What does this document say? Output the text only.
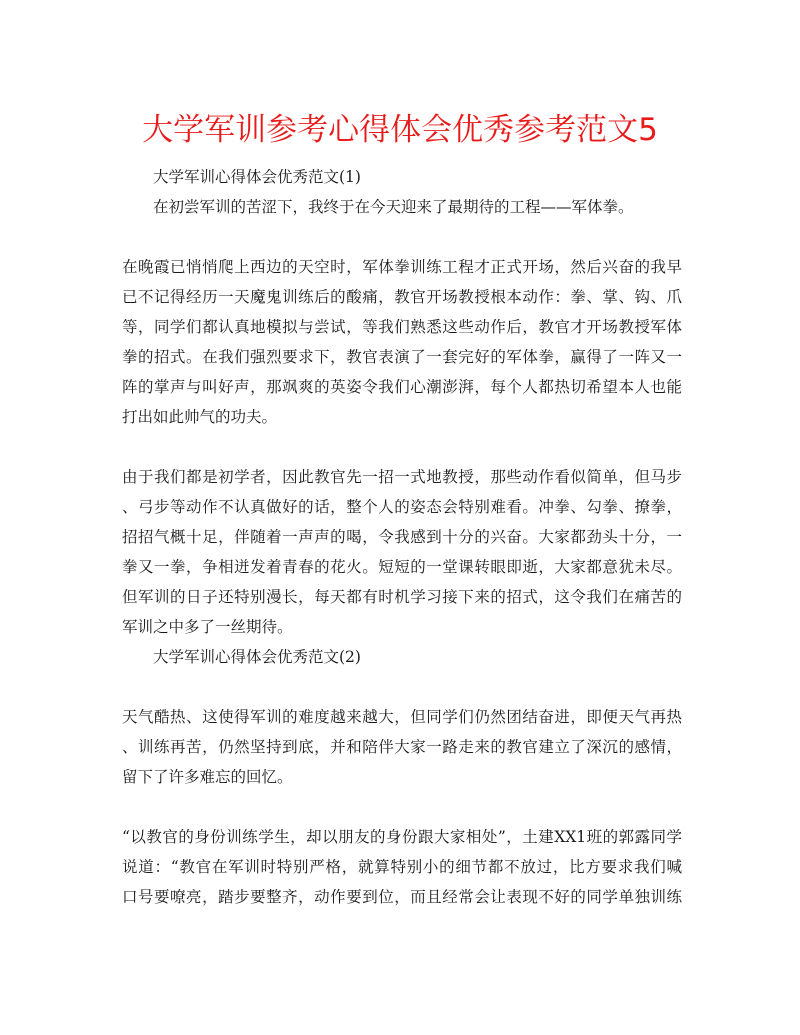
大学军训参考心得体会优秀参考范文5
大学军训心得体会优秀范文(1)
在初尝军训的苦涩下，我终于在今天迎来了最期待的工程——军体拳。
在晚霞已悄悄爬上西边的天空时，军体拳训练工程才正式开场，然后兴奋的我早
已不记得经历一天魔鬼训练后的酸痛，教官开场教授根本动作：拳、掌、钩、爪
等，同学们都认真地模拟与尝试，等我们熟悉这些动作后，教官才开场教授军体
拳的招式。在我们强烈要求下，教官表演了一套完好的军体拳，赢得了一阵又一
阵的掌声与叫好声，那飒爽的英姿令我们心潮澎湃，每个人都热切希望本人也能
打出如此帅气的功夫。
由于我们都是初学者，因此教官先一招一式地教授，那些动作看似简单，但马步
、弓步等动作不认真做好的话，整个人的姿态会特别难看。冲拳、勾拳、撩拳，
招招气概十足，伴随着一声声的喝，令我感到十分的兴奋。大家都劲头十分，一
拳又一拳，争相迸发着青春的花火。短短的一堂课转眼即逝，大家都意犹未尽。
但军训的日子还特别漫长，每天都有时机学习接下来的招式，这令我们在痛苦的
军训之中多了一丝期待。
大学军训心得体会优秀范文(2)
天气酷热、这使得军训的难度越来越大，但同学们仍然团结奋进，即便天气再热
、训练再苦，仍然坚持到底，并和陪伴大家一路走来的教官建立了深沉的感情，
留下了许多难忘的回忆。
“以教官的身份训练学生，却以朋友的身份跟大家相处”，土建XX1班的郭露同学
说道：“教官在军训时特别严格，就算特别小的细节都不放过，比方要求我们喊
口号要嘹亮，踏步要整齐，动作要到位，而且经常会让表现不好的同学单独训练
